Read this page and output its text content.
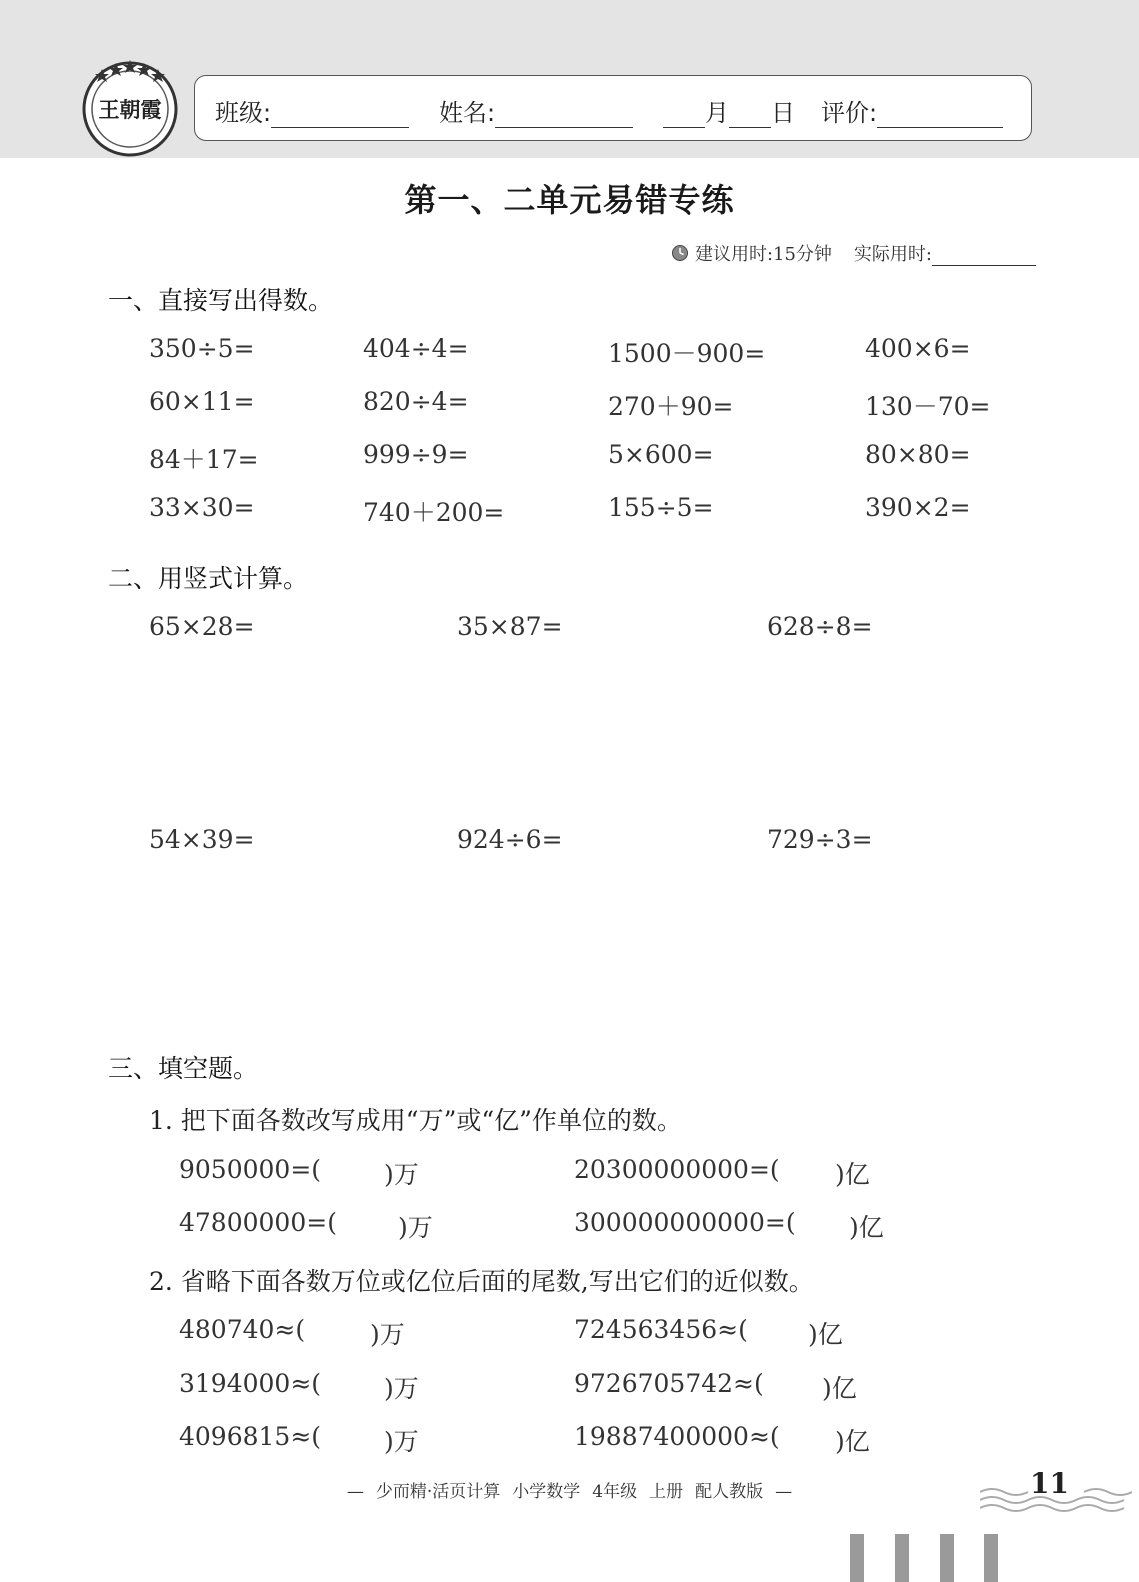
王朝霞 班级:	姓名:	月 日 评价:
第一、二单元易错专练
建议用时:15分钟 实际用时:
一、直接写出得数。
350÷5=	404÷4=	1500－900=	400×6=
60×11=	820÷4=	270＋90=	130－70=
84＋17=	999÷9=	5×600=	80×80=
33×30=	740＋200=	155÷5=	390×2=
二、用竖式计算。
65×28=	35×87=	628÷8=
54×39=	924÷6=	729÷3=
三、填空题。
1. 把下面各数改写成用“万”或“亿”作单位的数。
9050000=(	)万	20300000000=( )亿
47800000=( )万	300000000000=( )亿
2. 省略下面各数万位或亿位后面的尾数,写出它们的近似数。
480740≈(	)万	724563456≈( )亿
3194000≈(	)万	9726705742≈( )亿
4096815≈(	)万	19887400000≈( )亿
— 少而精·活页计算 小学数学 4年级 上册 配人教版 —	11
